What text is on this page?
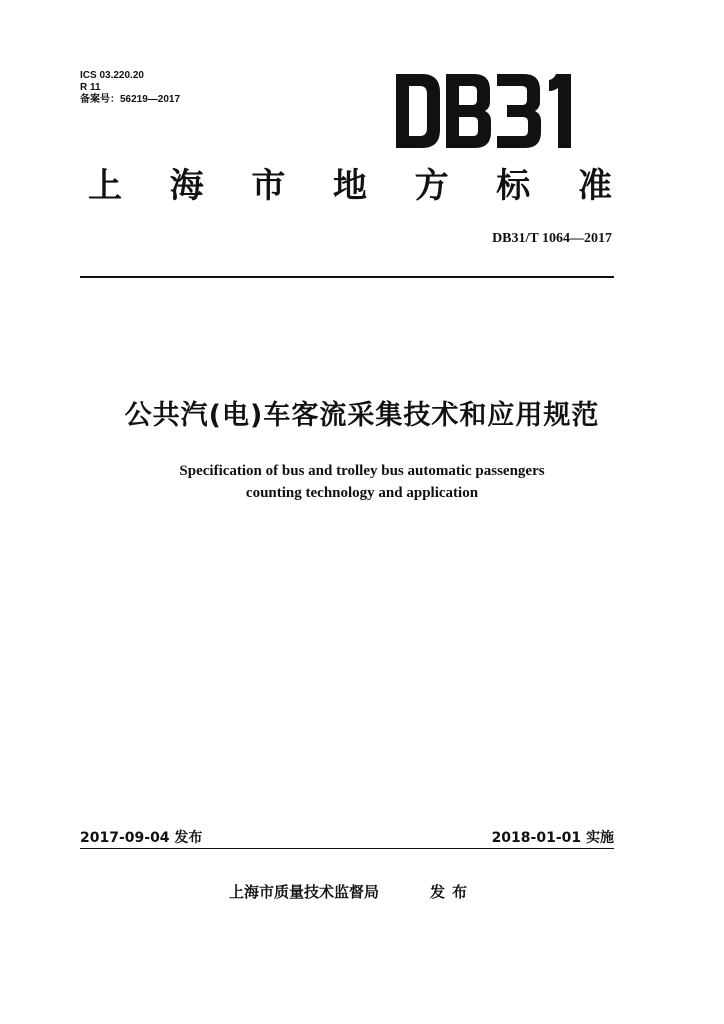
ICS 03.220.20
R 11
备案号：56219—2017
上 海 市 地 方 标 准
DB31/T 1064—2017
公共汽(电)车客流采集技术和应用规范
Specification of bus and trolley bus automatic passengers
counting technology and application
2017-09-04 发布	2018-01-01 实施
上海市质量技术监督局	发布
